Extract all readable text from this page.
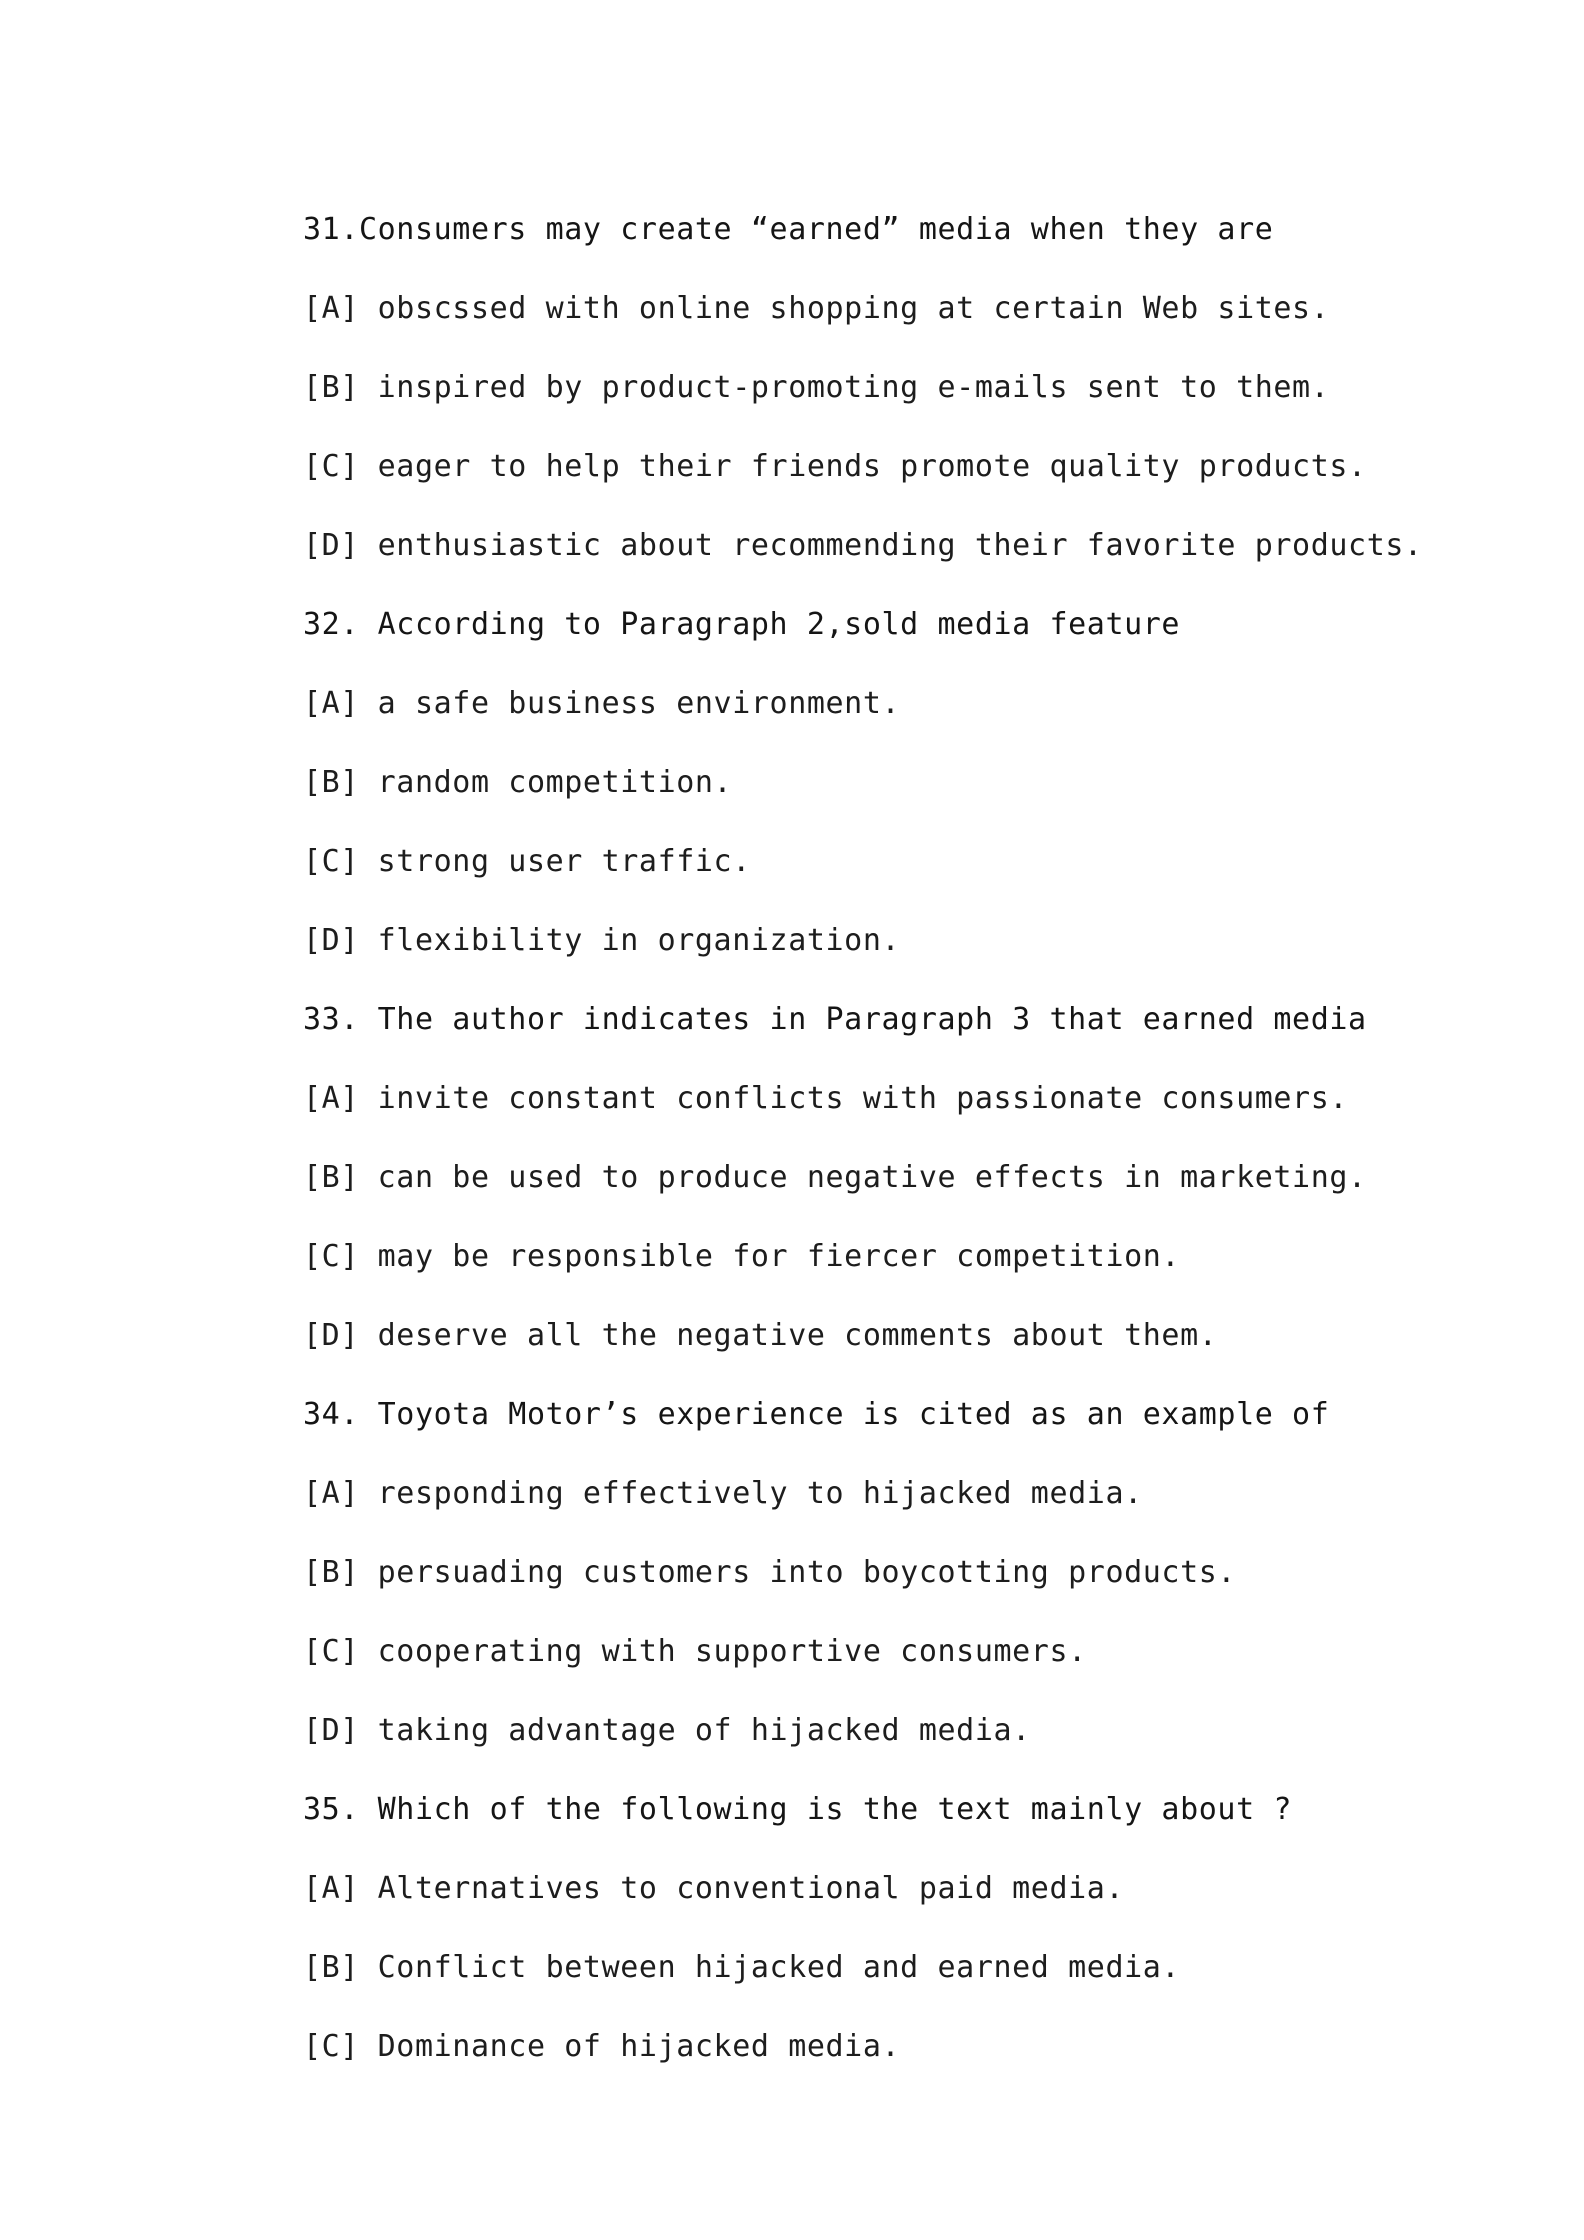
31.Consumers may create “earned” media when they are
[A] obscssed with online shopping at certain Web sites.
[B] inspired by product-promoting e-mails sent to them.
[C] eager to help their friends promote quality products.
[D] enthusiastic about recommending their favorite products.
32. According to Paragraph 2,sold media feature
[A] a safe business environment.
[B] random competition.
[C] strong user traffic.
[D] flexibility in organization.
33. The author indicates in Paragraph 3 that earned media
[A] invite constant conflicts with passionate consumers.
[B] can be used to produce negative effects in marketing.
[C] may be responsible for fiercer competition.
[D] deserve all the negative comments about them.
34. Toyota Motor’s experience is cited as an example of
[A] responding effectively to hijacked media.
[B] persuading customers into boycotting products.
[C] cooperating with supportive consumers.
[D] taking advantage of hijacked media.
35. Which of the following is the text mainly about ?
[A] Alternatives to conventional paid media.
[B] Conflict between hijacked and earned media.
[C] Dominance of hijacked media.
